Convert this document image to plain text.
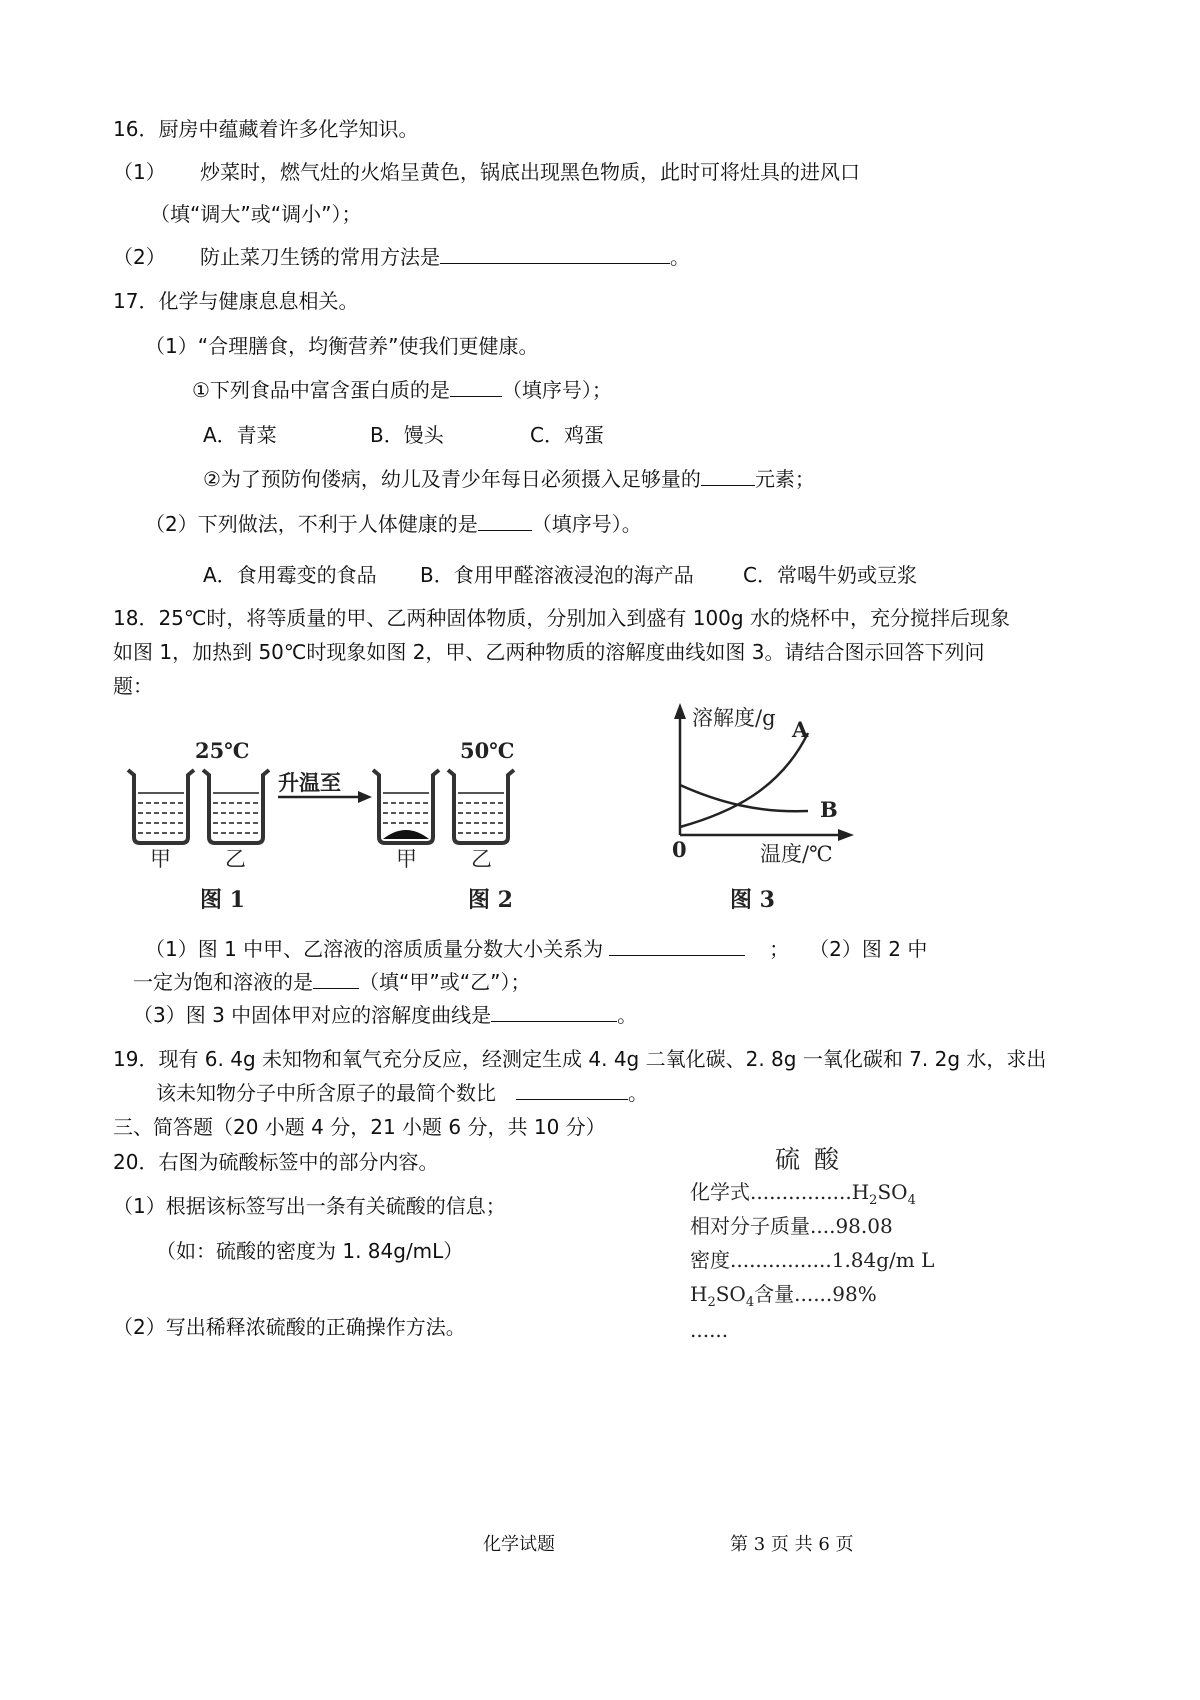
16．厨房中蕴藏着许多化学知识。
（1） 炒菜时，燃气灶的火焰呈黄色，锅底出现黑色物质，此时可将灶具的进风口
（填“调大”或“调小”）；
（2） 防止菜刀生锈的常用方法是	。
17．化学与健康息息相关。
（1）“合理膳食，均衡营养”使我们更健康。
①下列食品中富含蛋白质的是	（填序号）；
A．青菜	B．馒头	C．鸡蛋
②为了预防佝偻病，幼儿及青少年每日必须摄入足够量的	元素；
（2）下列做法，不利于人体健康的是	（填序号）。
A．食用霉变的食品 B．食用甲醛溶液浸泡的海产品 C．常喝牛奶或豆浆
18．25℃时，将等质量的甲、乙两种固体物质，分别加入到盛有 100g 水的烧杯中，充分搅拌后现象
如图 1，加热到 50℃时现象如图 2，甲、乙两种物质的溶解度曲线如图 3。请结合图示回答下列问
题：
25℃	50℃
升温至
甲	乙	甲	乙
图 1	图 2
溶解度/g
温度/℃
0
A
B
图 3
（1）图 1 中甲、乙溶液的溶质质量分数大小关系为	； （2）图 2 中
一定为饱和溶液的是 （填“甲”或“乙”）；
（3）图 3 中固体甲对应的溶解度曲线是	。
19．现有 6. 4g 未知物和氧气充分反应，经测定生成 4. 4g 二氧化碳、2. 8g 一氧化碳和 7. 2g 水，求出
该未知物分子中所含原子的最简个数比	。
三、简答题（20 小题 4 分，21 小题 6 分，共 10 分）
20．右图为硫酸标签中的部分内容。
（1）根据该标签写出一条有关硫酸的信息；
（如：硫酸的密度为 1. 84g/mL）
（2）写出稀释浓硫酸的正确操作方法。
硫酸
化学式$................H_2SO_4$
相对分子质量....98.08
密度................1.84g/m L
$H_2SO_4$含量......98%
......
化学试题	第 3 页 共 6 页
